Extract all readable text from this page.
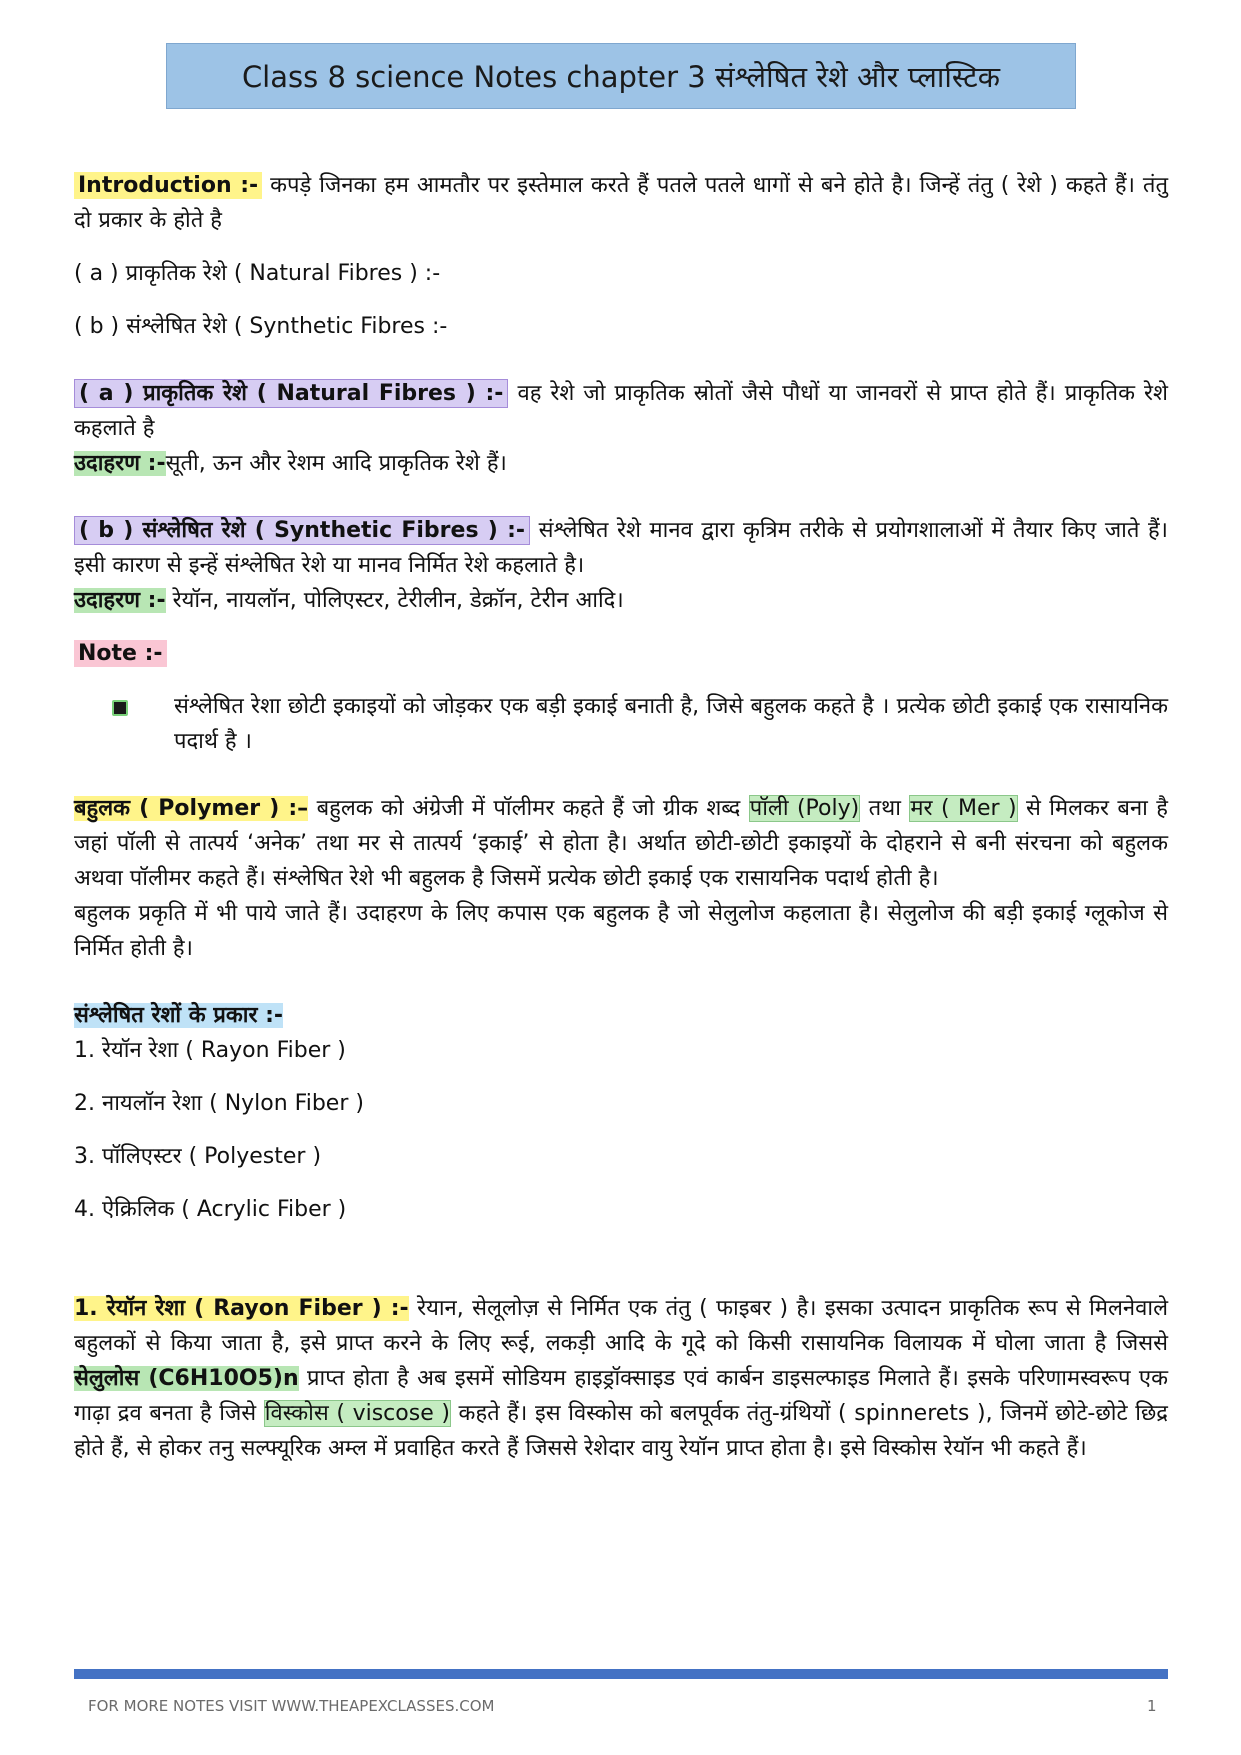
Class 8 science Notes chapter 3 संश्लेषित रेशे और प्लास्टिक

Introduction :- कपड़े जिनका हम आमतौर पर इस्तेमाल करते हैं पतले पतले धागों से बने होते है। जिन्हें तंतु ( रेशे ) कहते हैं। तंतु दो प्रकार के होते है

( a ) प्राकृतिक रेशे ( Natural Fibres ) :-

( b ) संश्लेषित रेशे ( Synthetic Fibres :-

( a ) प्राकृतिक रेशे ( Natural Fibres ) :- वह रेशे जो प्राकृतिक स्रोतों जैसे पौधों या जानवरों से प्राप्त होते हैं। प्राकृतिक रेशे कहलाते है

उदाहरण :-सूती, ऊन और रेशम आदि प्राकृतिक रेशे हैं।

( b ) संश्लेषित रेशे ( Synthetic Fibres ) :- संश्लेषित रेशे मानव द्वारा कृत्रिम तरीके से प्रयोगशालाओं में तैयार किए जाते हैं। इसी कारण से इन्हें संश्लेषित रेशे या मानव निर्मित रेशे कहलाते है।

उदाहरण :- रेयॉन, नायलॉन, पोलिएस्टर, टेरीलीन, डेक्रॉन, टेरीन आदि।

Note :-

संश्लेषित रेशा छोटी इकाइयों को जोड़कर एक बड़ी इकाई बनाती है, जिसे बहुलक कहते है । प्रत्येक छोटी इकाई एक रासायनिक पदार्थ है ।

बहुलक ( Polymer ) :– बहुलक को अंग्रेजी में पॉलीमर कहते हैं जो ग्रीक शब्द पॉली (Poly) तथा मर ( Mer ) से मिलकर बना है जहां पॉली से तात्पर्य ‘अनेक’ तथा मर से तात्पर्य ‘इकाई’ से होता है। अर्थात छोटी-छोटी इकाइयों के दोहराने से बनी संरचना को बहुलक अथवा पॉलीमर कहते हैं। संश्लेषित रेशे भी बहुलक है जिसमें प्रत्येक छोटी इकाई एक रासायनिक पदार्थ होती है।

बहुलक प्रकृति में भी पाये जाते हैं। उदाहरण के लिए कपास एक बहुलक है जो सेलुलोज कहलाता है। सेलुलोज की बड़ी इकाई ग्लूकोज से निर्मित होती है।

संश्लेषित रेशों के प्रकार :-

1. रेयॉन रेशा ( Rayon Fiber )

2. नायलॉन रेशा ( Nylon Fiber )

3. पॉलिएस्टर ( Polyester )

4. ऐक्रिलिक ( Acrylic Fiber )

1. रेयॉन रेशा ( Rayon Fiber ) :- रेयान, सेलूलोज़ से निर्मित एक तंतु ( फाइबर ) है। इसका उत्पादन प्राकृतिक रूप से मिलनेवाले बहुलकों से किया जाता है, इसे प्राप्त करने के लिए रूई, लकड़ी आदि के गूदे को किसी रासायनिक विलायक में घोला जाता है जिससे सेलुलोस (C6H10O5)n प्राप्त होता है अब इसमें सोडियम हाइड्रॉक्साइड एवं कार्बन डाइसल्फाइड मिलाते हैं। इसके परिणामस्वरूप एक गाढ़ा द्रव बनता है जिसे विस्कोस ( viscose ) कहते हैं। इस विस्कोस को बलपूर्वक तंतु-ग्रंथियों ( spinnerets ), जिनमें छोटे-छोटे छिद्र होते हैं, से होकर तनु सल्फ्यूरिक अम्ल में प्रवाहित करते हैं जिससे रेशेदार वायु रेयॉन प्राप्त होता है। इसे विस्कोस रेयॉन भी कहते हैं।

FOR MORE NOTES VISIT WWW.THEAPEXCLASSES.COM	1
